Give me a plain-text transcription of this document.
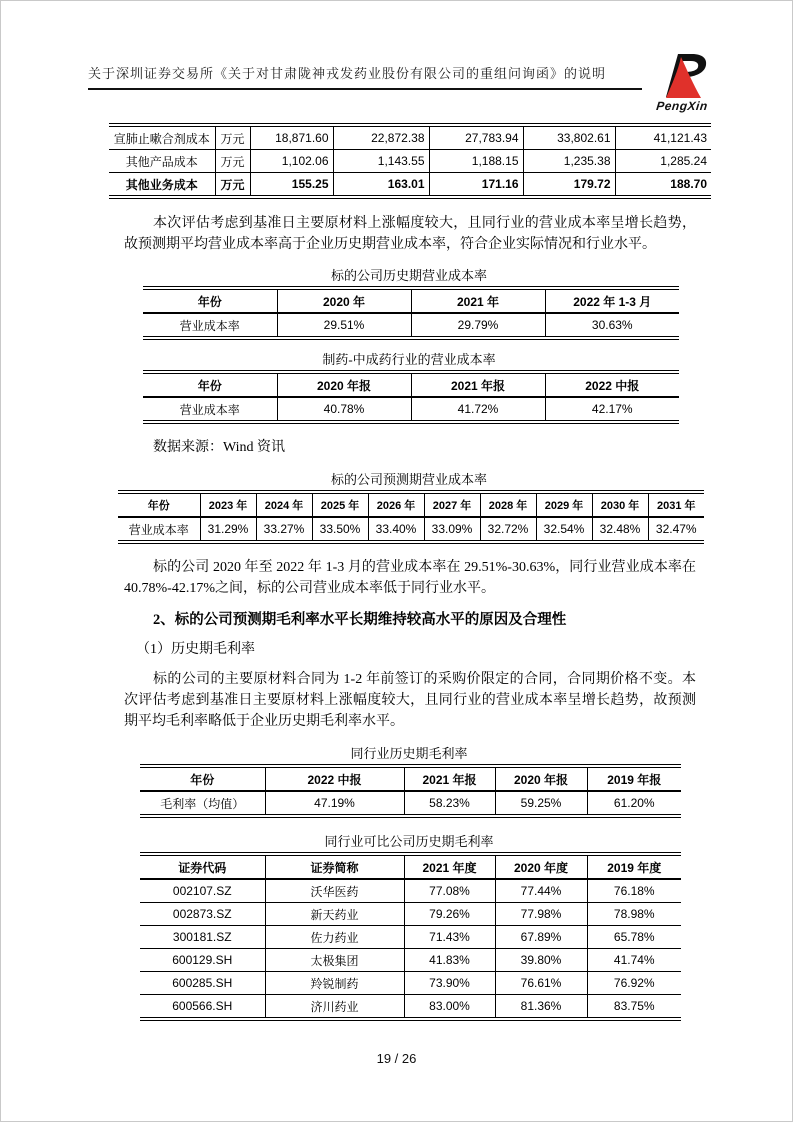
关于深圳证券交易所《关于对甘肃陇神戎发药业股份有限公司的重组问询函》的说明
PengXin
宣肺止嗽合剂成本	万元	18,871.60	22,872.38	27,783.94	33,802.61	41,121.43
其他产品成本	万元	1,102.06	1,143.55	1,188.15	1,235.38	1,285.24
其他业务成本	万元	155.25	163.01	171.16	179.72	188.70

本次评估考虑到基准日主要原材料上涨幅度较大，且同行业的营业成本率呈增长趋势，故预测期平均营业成本率高于企业历史期营业成本率，符合企业实际情况和行业水平。

标的公司历史期营业成本率
年份	2020 年	2021 年	2022 年 1-3 月
营业成本率	29.51%	29.79%	30.63%
制药-中成药行业的营业成本率
年份	2020 年报	2021 年报	2022 中报
营业成本率	40.78%	41.72%	42.17%

数据来源：Wind 资讯

标的公司预测期营业成本率
年份	2023 年	2024 年	2025 年	2026 年	2027 年	2028 年	2029 年	2030 年	2031 年
营业成本率	31.29%	33.27%	33.50%	33.40%	33.09%	32.72%	32.54%	32.48%	32.47%

标的公司 2020 年至 2022 年 1-3 月的营业成本率在 29.51%-30.63%，同行业营业成本率在 40.78%-42.17%之间，标的公司营业成本率低于同行业水平。

2、标的公司预测期毛利率水平长期维持较高水平的原因及合理性
（1）历史期毛利率

标的公司的主要原材料合同为 1-2 年前签订的采购价限定的合同，合同期价格不变。本次评估考虑到基准日主要原材料上涨幅度较大，且同行业的营业成本率呈增长趋势，故预测期平均毛利率略低于企业历史期毛利率水平。

同行业历史期毛利率
年份	2022 中报	2021 年报	2020 年报	2019 年报
毛利率（均值）	47.19%	58.23%	59.25%	61.20%
同行业可比公司历史期毛利率
证券代码	证券简称	2021 年度	2020 年度	2019 年度
002107.SZ	沃华医药	77.08%	77.44%	76.18%
002873.SZ	新天药业	79.26%	77.98%	78.98%
300181.SZ	佐力药业	71.43%	67.89%	65.78%
600129.SH	太极集团	41.83%	39.80%	41.74%
600285.SH	羚锐制药	73.90%	76.61%	76.92%
600566.SH	济川药业	83.00%	81.36%	83.75%
19 / 26
